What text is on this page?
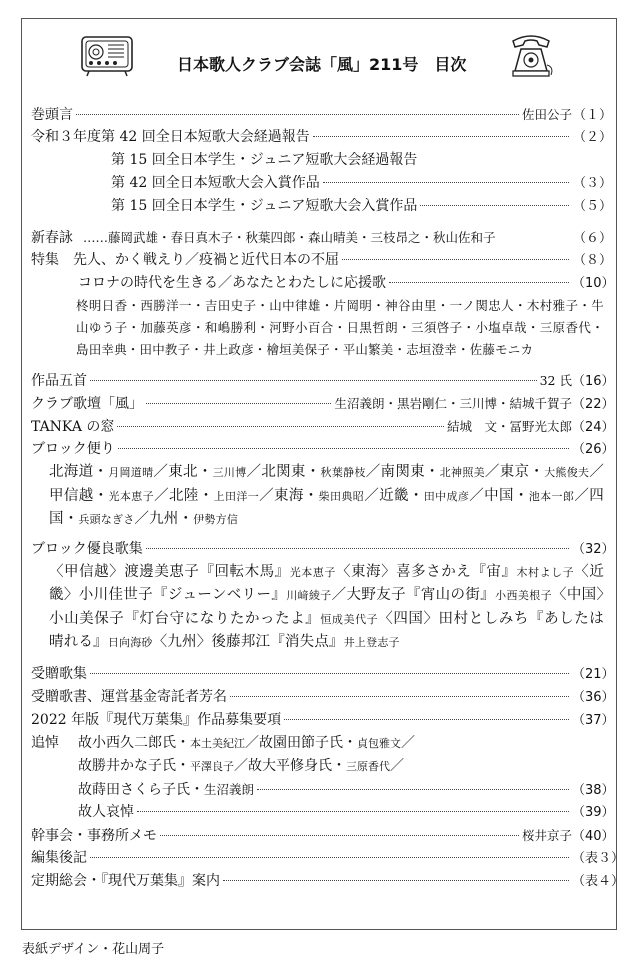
日本歌人クラブ会誌「風」211号　目次
巻頭言	佐田公子 （１）
令和３年度第 42 回全日本短歌大会経過報告	（２）
第 15 回全日本学生・ジュニア短歌大会経過報告
第 42 回全日本短歌大会入賞作品	（３）
第 15 回全日本学生・ジュニア短歌大会入賞作品	（５）
新春詠 ……藤岡武雄・春日真木子・秋葉四郎・森山晴美・三枝昂之・秋山佐和子	（６）
特集　先人、かく戦えり／疫禍と近代日本の不屈	（８）
コロナの時代を生きる／あなたとわたしに応援歌	（10）

柊明日香・西勝洋一・吉田史子・山中律雄・片岡明・神谷由里・一ノ関忠人・木村雅子・牛山ゆう子・加藤英彦・和嶋勝利・河野小百合・日黒哲朗・三須啓子・小塩卓哉・三原香代・島田幸典・田中教子・井上政彦・檜垣美保子・平山繁美・志垣澄幸・佐藤モニカ

作品五首	32 氏 （16）
クラブ歌壇「風」	生沼義朗・黒岩剛仁・三川博・結城千賀子 （22）
TANKA の窓	結城　文・冨野光太郎 （24）
ブロック便り	（26）

北海道・月岡道晴／東北・三川博／北関東・秋葉静枝／南関東・北神照美／東京・大熊俊夫／甲信越・光本恵子／北陸・上田洋一／東海・柴田典昭／近畿・田中成彦／中国・池本一郎／四国・兵頭なぎさ／九州・伊勢方信

ブロック優良歌集	（32）

〈甲信越〉渡邊美恵子『回転木馬』光本恵子〈東海〉喜多さかえ『宙』木村よし子〈近畿〉小川佳世子『ジューンベリー』川﨑綾子／大野友子『宵山の街』小西美根子〈中国〉小山美保子『灯台守になりたかったよ』恒成美代子〈四国〉田村としみち『あしたは晴れる』日向海砂〈九州〉後藤邦江『消失点』井上登志子

受贈歌集	（21）
受贈歌書、運営基金寄託者芳名	（36）
2022 年版『現代万葉集』作品募集要項	（37）
追悼	故小西久二郎氏・ 本土美紀江 ／故園田節子氏・ 貞包雅文 ／
故勝井かな子氏・ 平澤良子 ／故大平修身氏・ 三原香代 ／
故蒔田さくら子氏・ 生沼義朗	（38）
故人哀悼	（39）
幹事会・事務所メモ	桜井京子 （40）
編集後記	（表３）
定期総会・『現代万葉集』案内	（表４）
表紙デザイン・花山周子
